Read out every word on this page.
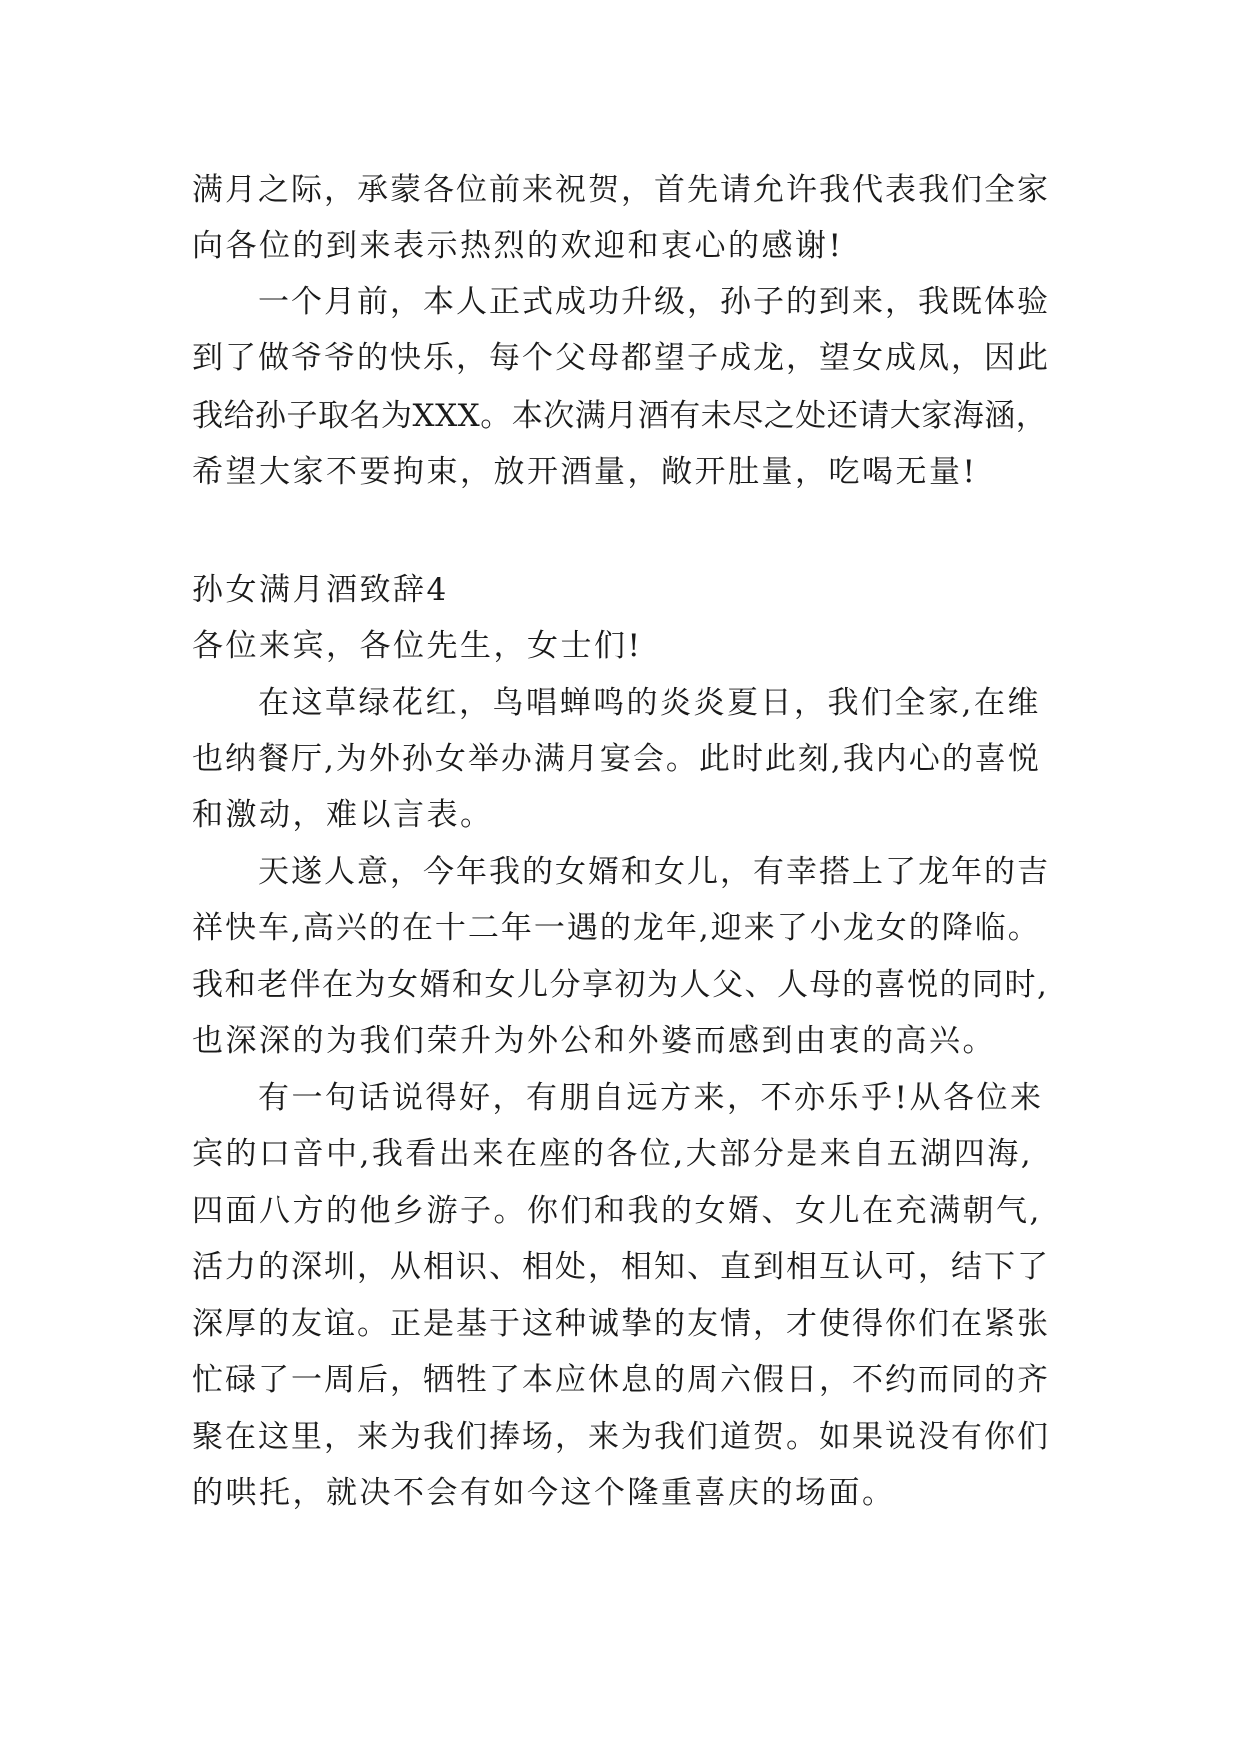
满月之际，承蒙各位前来祝贺，首先请允许我代表我们全家
向各位的到来表示热烈的欢迎和衷心的感谢!
一个月前，本人正式成功升级，孙子的到来，我既体验
到了做爷爷的快乐，每个父母都望子成龙，望女成凤，因此
我给孙子取名为XXX。本次满月酒有未尽之处还请大家海涵，
希望大家不要拘束，放开酒量，敞开肚量，吃喝无量!
孙女满月酒致辞4
各位来宾，各位先生，女士们!
在这草绿花红，鸟唱蝉鸣的炎炎夏日，我们全家,在维
也纳餐厅,为外孙女举办满月宴会。此时此刻,我内心的喜悦
和激动，难以言表。
天遂人意，今年我的女婿和女儿，有幸搭上了龙年的吉
祥快车,高兴的在十二年一遇的龙年,迎来了小龙女的降临。
我和老伴在为女婿和女儿分享初为人父、人母的喜悦的同时,
也深深的为我们荣升为外公和外婆而感到由衷的高兴。
有一句话说得好，有朋自远方来，不亦乐乎!从各位来
宾的口音中,我看出来在座的各位,大部分是来自五湖四海,
四面八方的他乡游子。你们和我的女婿、女儿在充满朝气,
活力的深圳，从相识、相处，相知、直到相互认可，结下了
深厚的友谊。正是基于这种诚挚的友情，才使得你们在紧张
忙碌了一周后，牺牲了本应休息的周六假日，不约而同的齐
聚在这里，来为我们捧场，来为我们道贺。如果说没有你们
的哄托，就决不会有如今这个隆重喜庆的场面。
